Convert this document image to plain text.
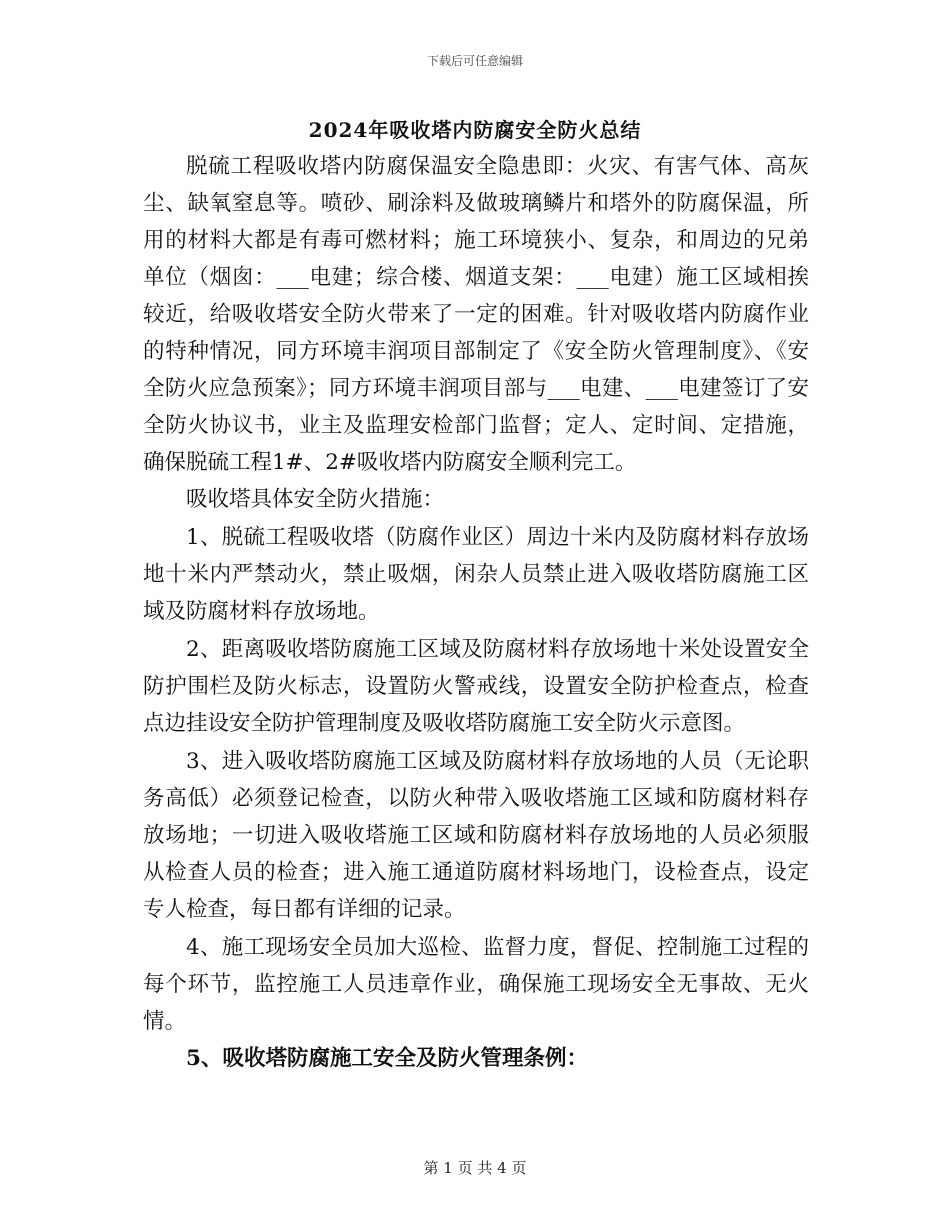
下载后可任意编辑
2024年吸收塔内防腐安全防火总结

脱硫工程吸收塔内防腐保温安全隐患即：火灾、有害气体、高灰尘、缺氧窒息等。喷砂、刷涂料及做玻璃鳞片和塔外的防腐保温，所用的材料大都是有毒可燃材料；施工环境狭小、复杂，和周边的兄弟单位（烟囱：___电建；综合楼、烟道支架：___电建）施工区域相挨较近，给吸收塔安全防火带来了一定的困难。针对吸收塔内防腐作业的特种情况，同方环境丰润项目部制定了《安全防火管理制度》、《安全防火应急预案》；同方环境丰润项目部与___电建、___电建签订了安全防火协议书，业主及监理安检部门监督；定人、定时间、定措施，确保脱硫工程1#、2#吸收塔内防腐安全顺利完工。

吸收塔具体安全防火措施：

1、脱硫工程吸收塔（防腐作业区）周边十米内及防腐材料存放场地十米内严禁动火，禁止吸烟，闲杂人员禁止进入吸收塔防腐施工区域及防腐材料存放场地。

2、距离吸收塔防腐施工区域及防腐材料存放场地十米处设置安全防护围栏及防火标志，设置防火警戒线，设置安全防护检查点，检查点边挂设安全防护管理制度及吸收塔防腐施工安全防火示意图。

3、进入吸收塔防腐施工区域及防腐材料存放场地的人员（无论职务高低）必须登记检查，以防火种带入吸收塔施工区域和防腐材料存放场地；一切进入吸收塔施工区域和防腐材料存放场地的人员必须服从检查人员的检查；进入施工通道防腐材料场地门，设检查点，设定专人检查，每日都有详细的记录。

4、施工现场安全员加大巡检、监督力度，督促、控制施工过程的每个环节，监控施工人员违章作业，确保施工现场安全无事故、无火情。

5、吸收塔防腐施工安全及防火管理条例：
第 1 页 共 4 页
